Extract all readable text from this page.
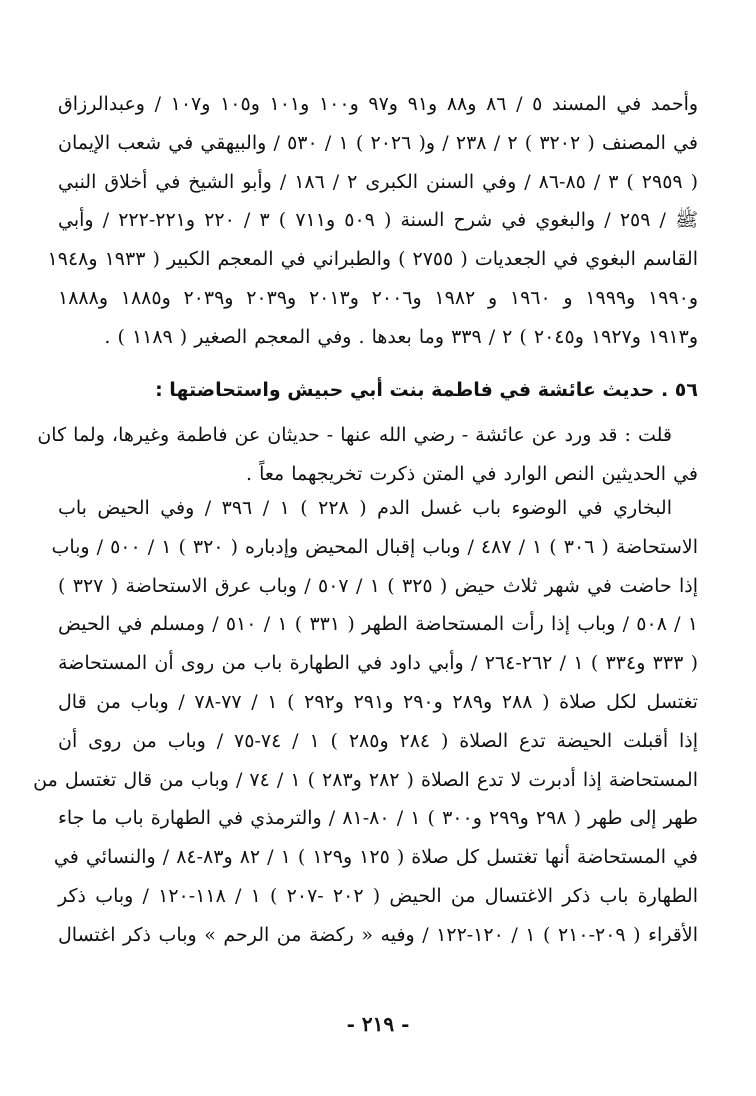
وأحمد في المسند ٥ / ٨٦ و٨٨ و٩١ و٩٧ و١٠٠ و١٠١ و١٠٥ و١٠٧ / وعبدالرزاق
في المصنف ( ٣٢٠٢ ) ٢ / ٢٣٨ / و( ٢٠٢٦ ) ١ / ٥٣٠ / والبيهقي في شعب الإيمان
( ٢٩٥٩ ) ٣ / ٨٥-٨٦ / وفي السنن الكبرى ٢ / ١٨٦ / وأبو الشيخ في أخلاق النبي
ﷺ / ٢٥٩ / والبغوي في شرح السنة ( ٥٠٩ و٧١١ ) ٣ / ٢٢٠ و٢٢١-٢٢٢ / وأبي
القاسم البغوي في الجعديات ( ٢٧٥٥ ) والطبراني في المعجم الكبير ( ١٩٣٣ و١٩٤٨
و١٩٩٠ و١٩٩٩ و ١٩٦٠ و ١٩٨٢ و٢٠٠٦ و٢٠١٣ و٢٠٣٩ و٢٠٣٩ و١٨٨٥ و١٨٨٨
و١٩١٣ و١٩٢٧ و٢٠٤٥ ) ٢ / ٣٣٩ وما بعدها . وفي المعجم الصغير ( ١١٨٩ ) .
٥٦ . حديث عائشة في فاطمة بنت أبي حبيش واستحاضتها :
قلت : قد ورد عن عائشة - رضي الله عنها - حديثان عن فاطمة وغيرها، ولما كان
في الحديثين النص الوارد في المتن ذكرت تخريجهما معاً .
البخاري في الوضوء باب غسل الدم ( ٢٢٨ ) ١ / ٣٩٦ / وفي الحيض باب
الاستحاضة ( ٣٠٦ ) ١ / ٤٨٧ / وباب إقبال المحيض وإدباره ( ٣٢٠ ) ١ / ٥٠٠ / وباب
إذا حاضت في شهر ثلاث حيض ( ٣٢٥ ) ١ / ٥٠٧ / وباب عرق الاستحاضة ( ٣٢٧ )
١ / ٥٠٨ / وباب إذا رأت المستحاضة الطهر ( ٣٣١ ) ١ / ٥١٠ / ومسلم في الحيض
( ٣٣٣ و٣٣٤ ) ١ / ٢٦٢-٢٦٤ / وأبي داود في الطهارة باب من روى أن المستحاضة
تغتسل لكل صلاة ( ٢٨٨ و٢٨٩ و٢٩٠ و٢٩١ و٢٩٢ ) ١ / ٧٧-٧٨ / وباب من قال
إذا أقبلت الحيضة تدع الصلاة ( ٢٨٤ و٢٨٥ ) ١ / ٧٤-٧٥ / وباب من روى أن
المستحاضة إذا أدبرت لا تدع الصلاة ( ٢٨٢ و٢٨٣ ) ١ / ٧٤ / وباب من قال تغتسل من
طهر إلى طهر ( ٢٩٨ و٢٩٩ و٣٠٠ ) ١ / ٨٠-٨١ / والترمذي في الطهارة باب ما جاء
في المستحاضة أنها تغتسل كل صلاة ( ١٢٥ و١٢٩ ) ١ / ٨٢ و٨٣-٨٤ / والنسائي في
الطهارة باب ذكر الاغتسال من الحيض ( ٢٠٢ -٢٠٧ ) ١ / ١١٨-١٢٠ / وباب ذكر
الأقراء ( ٢٠٩-٢١٠ ) ١ / ١٢٠-١٢٢ / وفيه « ركضة من الرحم » وباب ذكر اغتسال
- ٢١٩ -
